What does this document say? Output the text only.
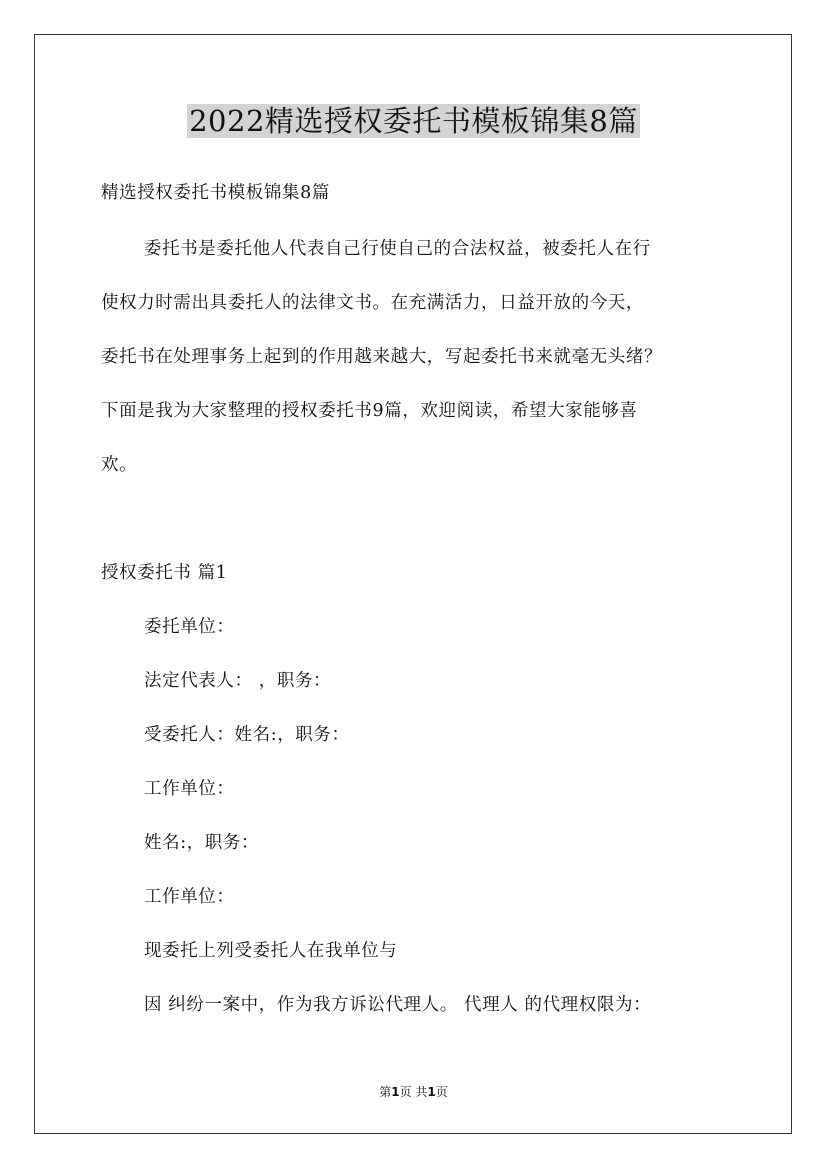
2022精选授权委托书模板锦集8篇
精选授权委托书模板锦集8篇
委托书是委托他人代表自己行使自己的合法权益，被委托人在行
使权力时需出具委托人的法律文书。在充满活力，日益开放的今天，
委托书在处理事务上起到的作用越来越大，写起委托书来就毫无头绪？
下面是我为大家整理的授权委托书9篇，欢迎阅读，希望大家能够喜
欢。
授权委托书 篇1
委托单位：
法定代表人： ，职务：
受委托人：姓名:，职务：
工作单位：
姓名:，职务：
工作单位：
现委托上列受委托人在我单位与
因 纠纷一案中，作为我方诉讼代理人。 代理人 的代理权限为：
第1页 共1页
